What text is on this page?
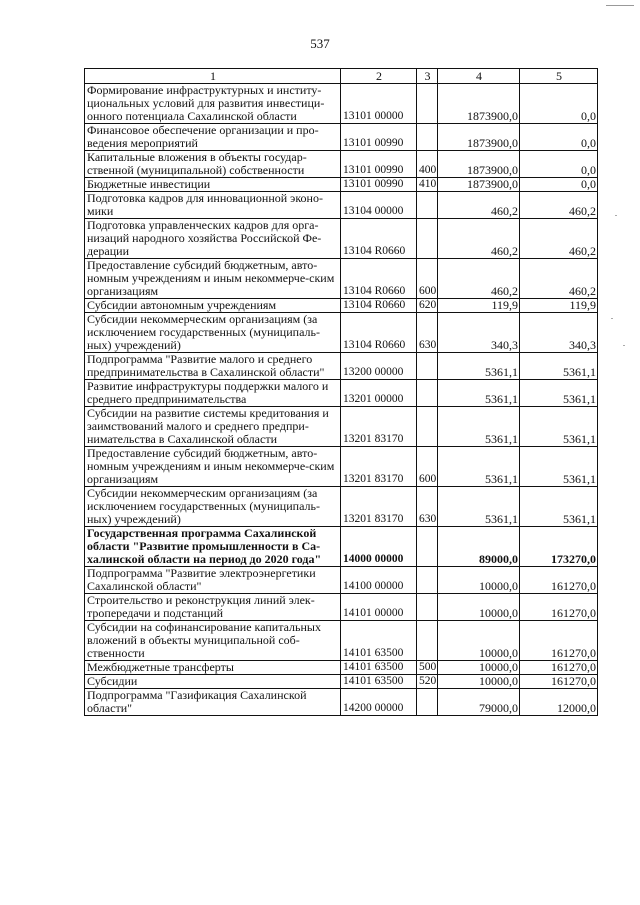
537
1	2	3	4	5
Формирование инфраструктурных и институ-циональных условий для развития инвестици-онного потенциала Сахалинской области	13101 00000		1873900,0	0,0
Финансовое обеспечение организации и про-ведения мероприятий	13101 00990		1873900,0	0,0
Капитальные вложения в объекты государ-ственной (муниципальной) собственности	13101 00990	400	1873900,0	0,0
Бюджетные инвестиции	13101 00990	410	1873900,0	0,0
Подготовка кадров для инновационной эконо-мики	13104 00000		460,2	460,2
Подготовка управленческих кадров для орга-низаций народного хозяйства Российской Фе-дерации	13104 R0660		460,2	460,2
Предоставление субсидий бюджетным, авто-номным учреждениям и иным некоммерче-ским организациям	13104 R0660	600	460,2	460,2
Субсидии автономным учреждениям	13104 R0660	620	119,9	119,9
Субсидии некоммерческим организациям (за исключением государственных (муниципаль-ных) учреждений)	13104 R0660	630	340,3	340,3
Подпрограмма "Развитие малого и среднего предпринимательства в Сахалинской области"	13200 00000		5361,1	5361,1
Развитие инфраструктуры поддержки малого и среднего предпринимательства	13201 00000		5361,1	5361,1
Субсидии на развитие системы кредитования и заимствований малого и среднего предпри-нимательства в Сахалинской области	13201 83170		5361,1	5361,1
Предоставление субсидий бюджетным, авто-номным учреждениям и иным некоммерче-ским организациям	13201 83170	600	5361,1	5361,1
Субсидии некоммерческим организациям (за исключением государственных (муниципаль-ных) учреждений)	13201 83170	630	5361,1	5361,1
Государственная программа Сахалинской области "Развитие промышленности в Са-халинской области на период до 2020 года"	14000 00000		89000,0	173270,0
Подпрограмма "Развитие электроэнергетики Сахалинской области"	14100 00000		10000,0	161270,0
Строительство и реконструкция линий элек-тропередачи и подстанций	14101 00000		10000,0	161270,0
Субсидии на софинансирование капитальных вложений в объекты муниципальной соб-ственности	14101 63500		10000,0	161270,0
Межбюджетные трансферты	14101 63500	500	10000,0	161270,0
Субсидии	14101 63500	520	10000,0	161270,0
Подпрограмма "Газификация Сахалинской области"	14200 00000		79000,0	12000,0
